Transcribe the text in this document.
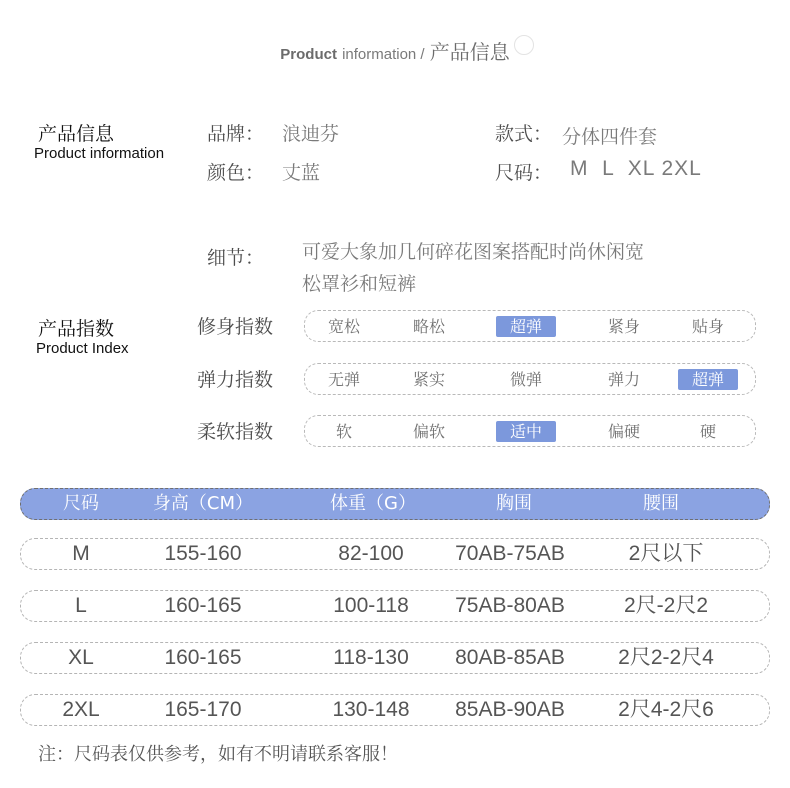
Product information / 产品信息
产品信息
Product information
品牌： 浪迪芬
颜色： 丈蓝
款式： 分体四件套
尺码： M  L  XL 2XL
细节： 可爱大象加几何碎花图案搭配时尚休闲宽
松罩衫和短裤
产品指数
Product Index
修身指数	宽松	略松	超弹	紧身	贴身
弹力指数	无弹	紧实	微弹	弹力	超弹
柔软指数	软	偏软	适中	偏硬	硬
尺码	身高（CM）	体重（G）	胸围	腰围
M	155-160	82-100	70AB-75AB	2尺以下
L	160-165	100-118	75AB-80AB	2尺-2尺2
XL	160-165	118-130	80AB-85AB	2尺2-2尺4
2XL	165-170	130-148	85AB-90AB	2尺4-2尺6
注：尺码表仅供参考，如有不明请联系客服！
